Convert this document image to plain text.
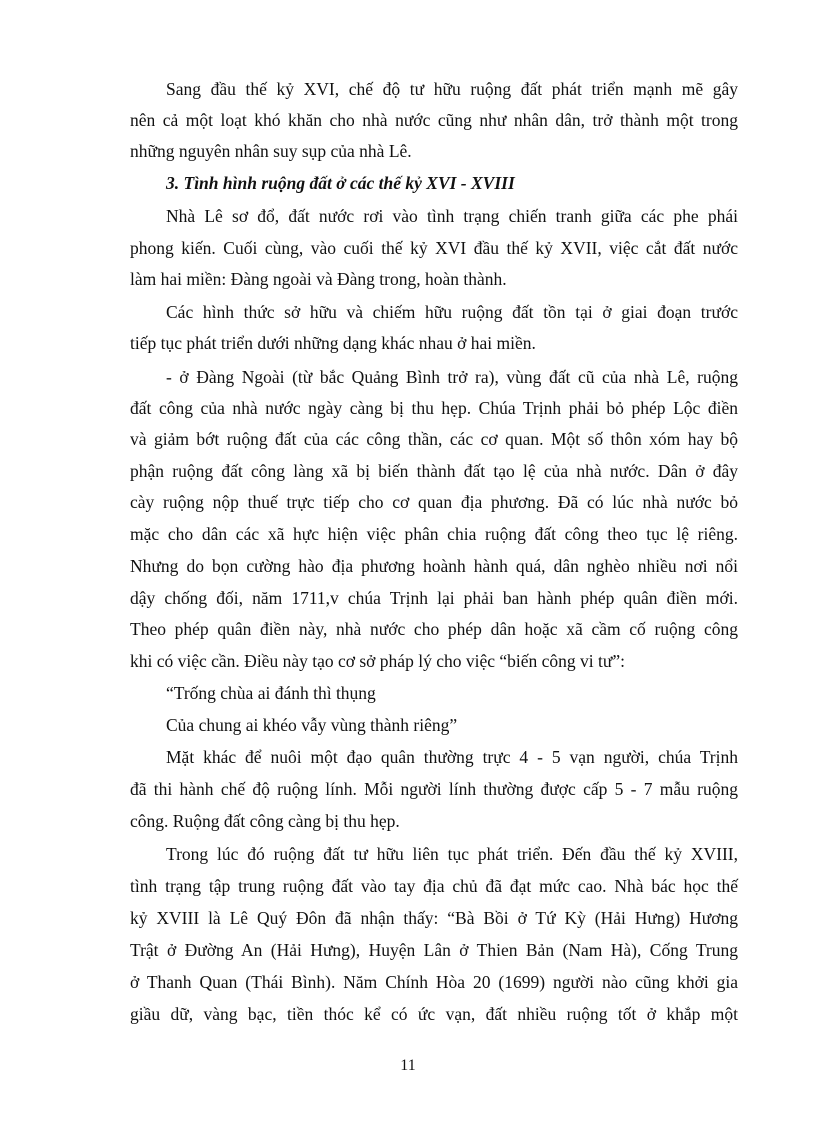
Sang đầu thế kỷ XVI, chế độ tư hữu ruộng đất phát triển mạnh mẽ gây
nên cả một loạt khó khăn cho nhà nước cũng như nhân dân, trở thành một trong
những nguyên nhân suy sụp của nhà Lê.
3. Tình hình ruộng đất ở các thế kỷ XVI - XVIII
Nhà Lê sơ đổ, đất nước rơi vào tình trạng chiến tranh giữa các phe phái
phong kiến. Cuối cùng, vào cuối thế kỷ XVI đầu thế kỷ XVII, việc cắt đất nước
làm hai miền: Đàng ngoài và Đàng trong, hoàn thành.
Các hình thức sở hữu và chiếm hữu ruộng đất tồn tại ở giai đoạn trước
tiếp tục phát triển dưới những dạng khác nhau ở hai miền.
- ở Đàng Ngoài (từ bắc Quảng Bình trở ra), vùng đất cũ của nhà Lê, ruộng
đất công của nhà nước ngày càng bị thu hẹp. Chúa Trịnh phải bỏ phép Lộc điền
và giảm bớt ruộng đất của các công thần, các cơ quan. Một số thôn xóm hay bộ
phận ruộng đất công làng xã bị biến thành đất tạo lệ của nhà nước. Dân ở đây
cày ruộng nộp thuế trực tiếp cho cơ quan địa phương. Đã có lúc nhà nước bỏ
mặc cho dân các xã hực hiện việc phân chia ruộng đất công theo tục lệ riêng.
Nhưng do bọn cường hào địa phương hoành hành quá, dân nghèo nhiều nơi nổi
dậy chống đối, năm 1711,v chúa Trịnh lại phải ban hành phép quân điền mới.
Theo phép quân điền này, nhà nước cho phép dân hoặc xã cầm cố ruộng công
khi có việc cần. Điều này tạo cơ sở pháp lý cho việc “biến công vi tư”:
“Trống chùa ai đánh thì thụng
Của chung ai khéo vẫy vùng thành riêng”
Mặt khác để nuôi một đạo quân thường trực 4 - 5 vạn người, chúa Trịnh
đã thi hành chế độ ruộng lính. Mỗi người lính thường được cấp 5 - 7 mẫu ruộng
công. Ruộng đất công càng bị thu hẹp.
Trong lúc đó ruộng đất tư hữu liên tục phát triển. Đến đầu thế kỷ XVIII,
tình trạng tập trung ruộng đất vào tay địa chủ đã đạt mức cao. Nhà bác học thế
kỷ XVIII là Lê Quý Đôn đã nhận thấy: “Bà Bồi ở Tứ Kỳ (Hải Hưng) Hương
Trật ở Đường An (Hải Hưng), Huyện Lân ở Thien Bản (Nam Hà), Cống Trung
ở Thanh Quan (Thái Bình). Năm Chính Hòa 20 (1699) người nào cũng khởi gia
giầu dữ, vàng bạc, tiền thóc kể có ức vạn, đất nhiều ruộng tốt ở khắp một
11
